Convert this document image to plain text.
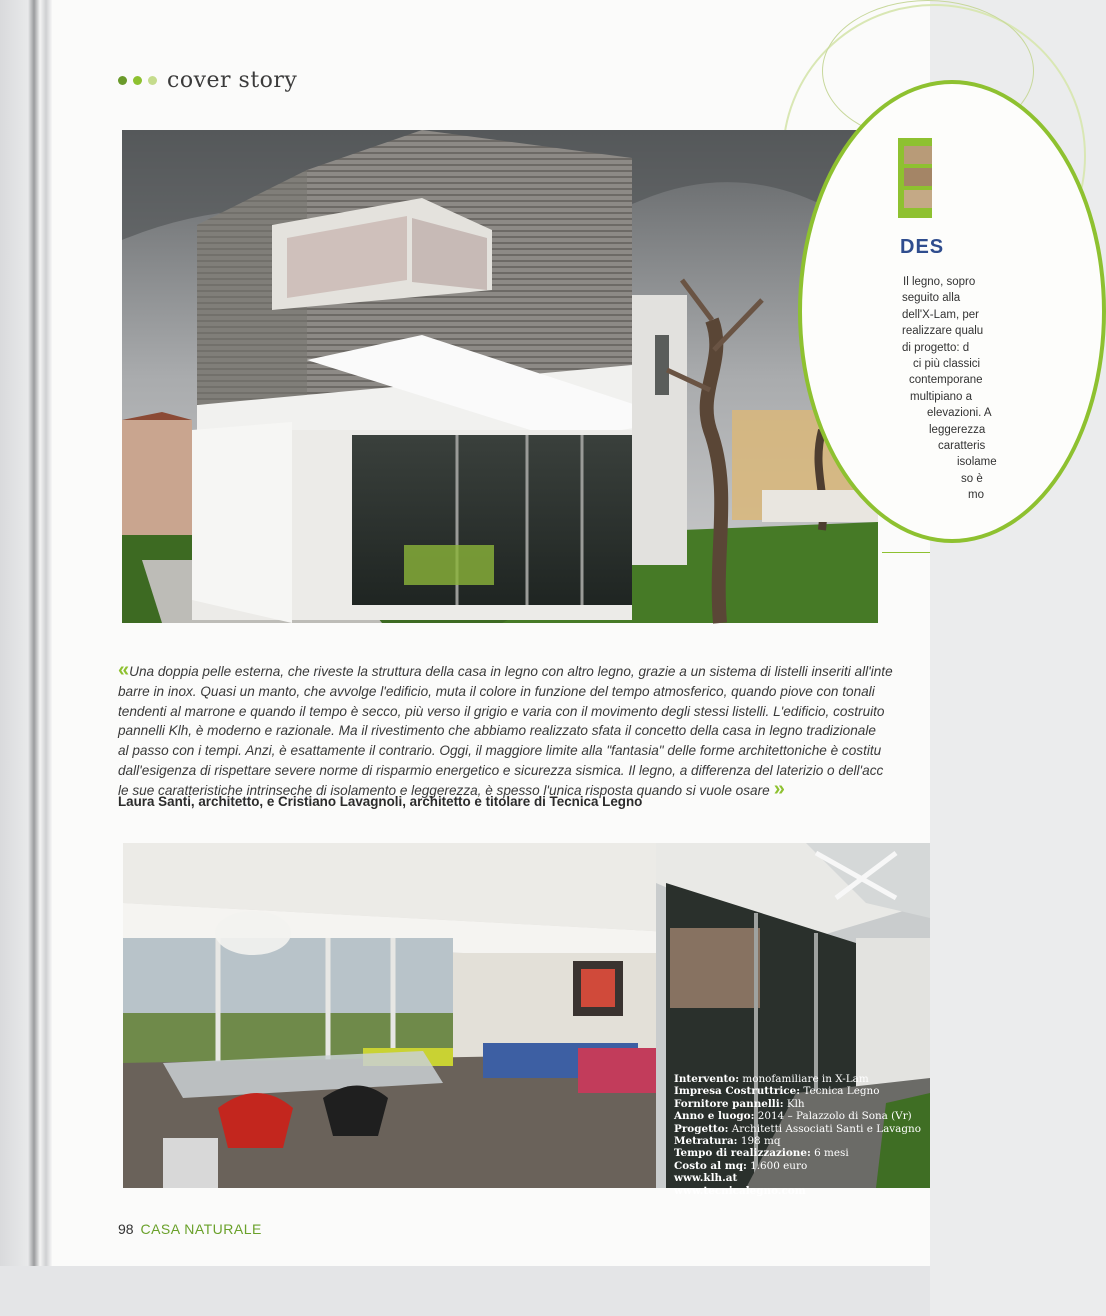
cover story
DES
Il legno, sopro
seguito alla
dell'X-Lam, per
realizzare qualu
di progetto: d
ci più classici
contemporane
multipiano a
elevazioni. A
leggerezza
caratteris
isolame
so è
mo
«Una doppia pelle esterna, che riveste la struttura della casa in legno con altro legno, grazie a un sistema di listelli inseriti all'inte
barre in inox. Quasi un manto, che avvolge l'edificio, muta il colore in funzione del tempo atmosferico, quando piove con tonali
tendenti al marrone e quando il tempo è secco, più verso il grigio e varia con il movimento degli stessi listelli. L'edificio, costruito
pannelli Klh, è moderno e razionale. Ma il rivestimento che abbiamo realizzato sfata il concetto della casa in legno tradizionale
al passo con i tempi. Anzi, è esattamente il contrario. Oggi, il maggiore limite alla "fantasia" delle forme architettoniche è costitu
dall'esigenza di rispettare severe norme di risparmio energetico e sicurezza sismica. Il legno, a differenza del laterizio o dell'acc
le sue caratteristiche intrinseche di isolamento e leggerezza, è spesso l'unica risposta quando si vuole osare »
Laura Santi, architetto, e Cristiano Lavagnoli, architetto e titolare di Tecnica Legno
Intervento: monofamiliare in X-Lam
Impresa Costruttrice: Tecnica Legno
Fornitore pannelli: Klh
Anno e luogo: 2014 – Palazzolo di Sona (Vr)
Progetto: Architetti Associati Santi e Lavagno
Metratura: 198 mq
Tempo di realizzazione: 6 mesi
Costo al mq: 1.600 euro
www.klh.at
www.tecnicalegno.com
98 CASA NATURALE
